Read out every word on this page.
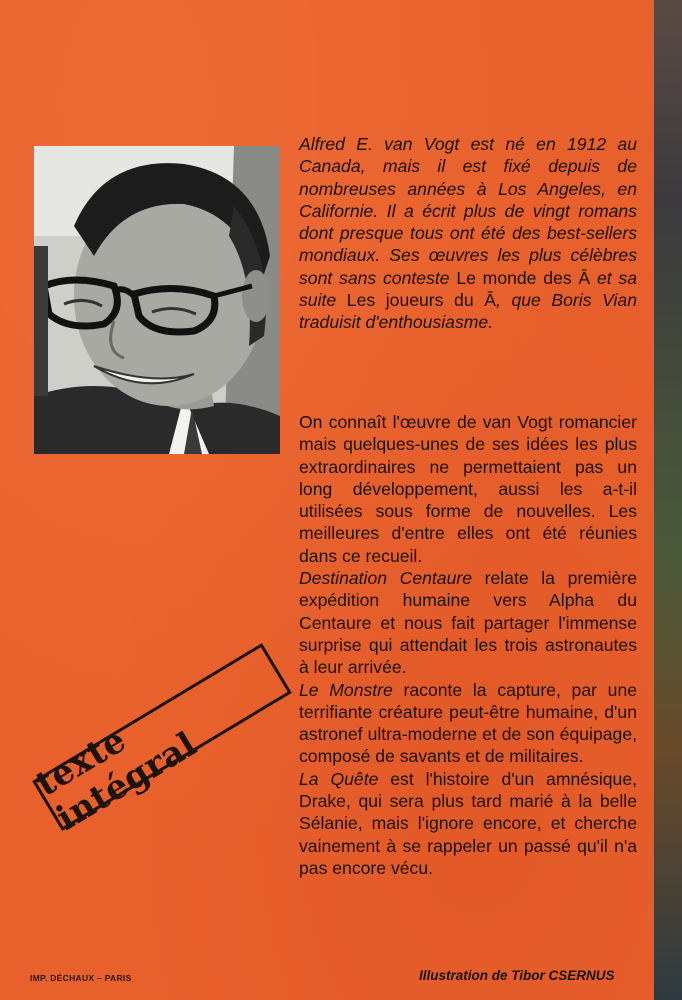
Alfred E. van Vogt est né en 1912 au Canada, mais il est fixé depuis de nombreuses années à Los Angeles, en Californie. Il a écrit plus de vingt romans dont presque tous ont été des best-sellers mondiaux. Ses œuvres les plus célèbres sont sans conteste Le monde des Ā et sa suite Les joueurs du Ā, que Boris Vian traduisit d'enthousiasme.

On connaît l'œuvre de van Vogt romancier mais quelques-unes de ses idées les plus extraordinaires ne permettaient pas un long développement, aussi les a-t-il utilisées sous forme de nouvelles. Les meilleures d'entre elles ont été réunies dans ce recueil.

Destination Centaure relate la première expédition humaine vers Alpha du Centaure et nous fait partager l'immense surprise qui attendait les trois astronautes à leur arrivée.

Le Monstre raconte la capture, par une terrifiante créature peut-être humaine, d'un astronef ultra-moderne et de son équipage, composé de savants et de militaires.

La Quête est l'histoire d'un amnésique, Drake, qui sera plus tard marié à la belle Sélanie, mais l'ignore encore, et cherche vainement à se rappeler un passé qu'il n'a pas encore vécu.

texte intégral
IMP. DÉCHAUX – PARIS	Illustration de Tibor CSERNUS
